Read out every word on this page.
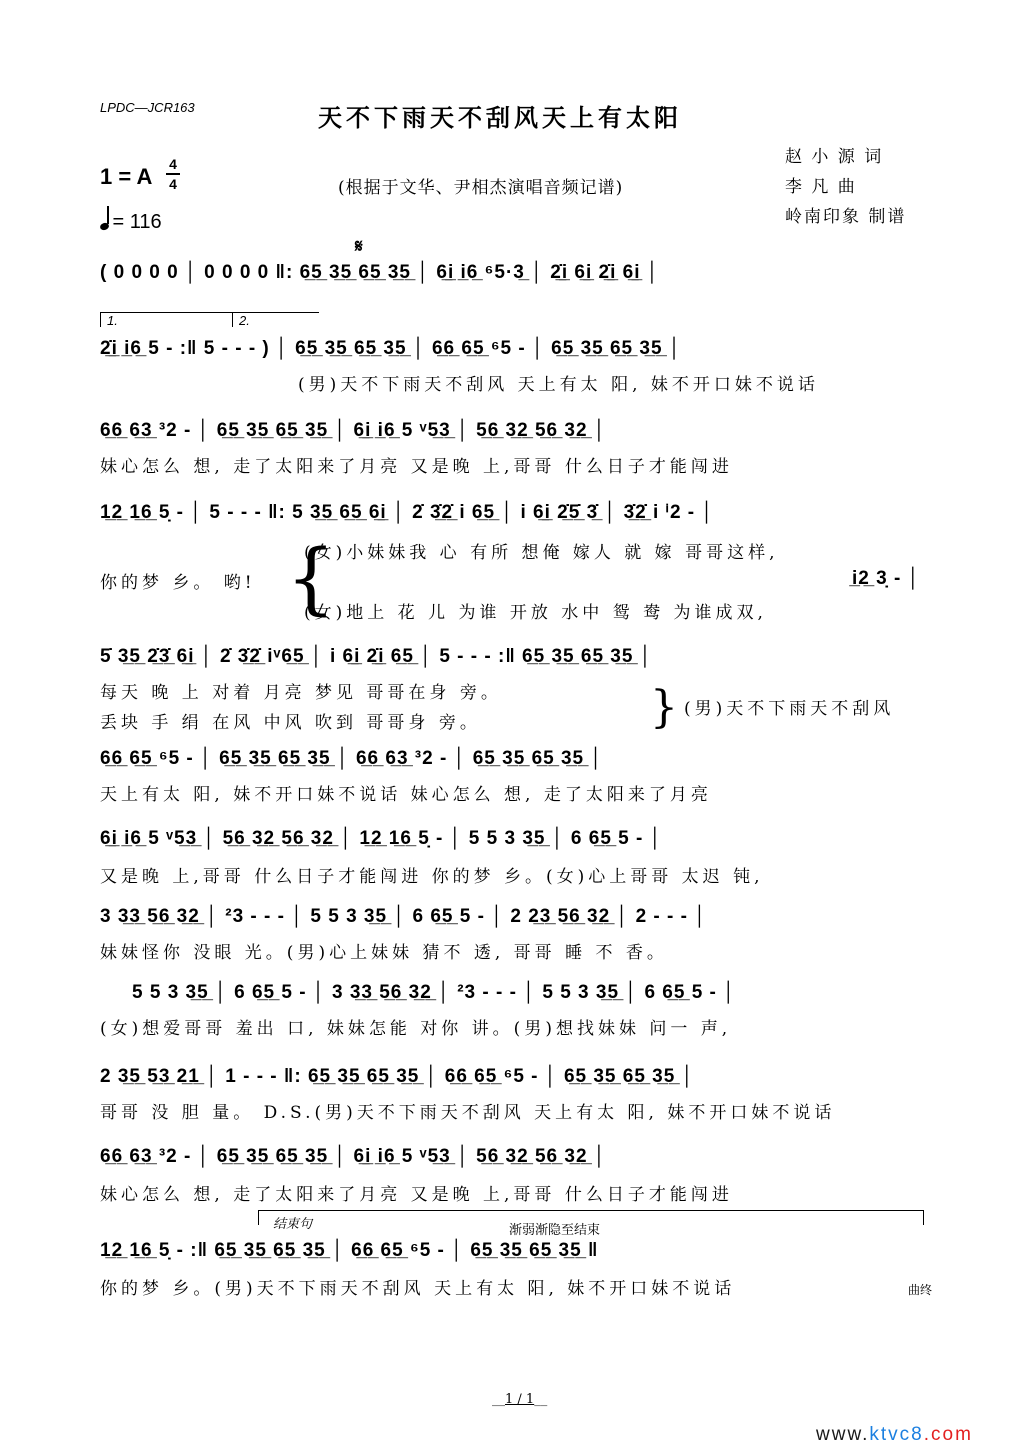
LPDC—JCR163	天不下雨天不刮风天上有太阳
赵 小 源 词
李 凡 曲
岭南印象 制谱
1 = A 4
4	(根据于文华、尹相杰演唱音频记谱)
= 116
𝄋
1.	2.
结束句	渐弱渐隐至结束
( 0 0 0 0 │ 0 0 0 0 ‖: 6̲5̲ 3̲5̲ 6̲5̲ 3̲5̲ │ 6̲i̲ i̲6̲ ⁶5·3̲ │ 2̲̇i̲ 6̲i̲ 2̲̇i̲ 6̲i̲ │
2̲̇i̲ i̲6̲ 5 - :‖ 5 - - - ) │ 6̲5̲ 3̲5̲ 6̲5̲ 3̲5̲ │ 6̲6̲ 6̲5̲ ⁶5 - │ 6̲5̲ 3̲5̲ 6̲5̲ 3̲5̲ │
(男)天不下雨天不刮风 天上有太 阳, 妹不开口妹不说话
6̲6̲ 6̲3̲ ³2 - │ 6̲5̲ 3̲5̲ 6̲5̲ 3̲5̲ │ 6̲i̲ i̲6̲ 5 ᵛ5̲3̲ │ 5̲6̲ 3̲2̲ 5̲6̲ 3̲2̲ │
妹心怎么 想, 走了太阳来了月亮 又是晚 上,哥哥 什么日子才能闯进
1̲2̲ 1̲6̲ 5̣ - │ 5 - - - ‖: 5 3̲5̲ 6̲5̲ 6̲i̲ │ 2̇ 3̲̇2̲̇ i 6̲5̲ │ i 6̲i̲ 2̲̇5̲̇ 3̲̇ │ 3̲̇2̲̇ i ⁱ2 - │
你的梦 乡。 哟! {
(女)小妹妹我 心 有所 想俺 嫁人 就 嫁 哥哥这样,
i̲2̲ 3̣ - │
(女)地上 花 儿 为谁 开放 水中 鸳 鸯 为谁成双,
5̇ 3̲5̲ 2̲̇3̲̇ 6̲i̲ │ 2̇ 3̲̇2̲̇ iᵛ6̲5̲ │ i 6̲i̲ 2̲̇i̲ 6̲5̲ │ 5 - - - :‖ 6̲5̲ 3̲5̲ 6̲5̲ 3̲5̲ │
每天 晚 上 对着 月亮 梦见 哥哥在身 旁。
丢块 手 绢 在风 中风 吹到 哥哥身 旁。	} (男)天不下雨天不刮风
6̲6̲ 6̲5̲ ⁶5 - │ 6̲5̲ 3̲5̲ 6̲5̲ 3̲5̲ │ 6̲6̲ 6̲3̲ ³2 - │ 6̲5̲ 3̲5̲ 6̲5̲ 3̲5̲ │
天上有太 阳, 妹不开口妹不说话 妹心怎么 想, 走了太阳来了月亮
6̲i̲ i̲6̲ 5 ᵛ5̲3̲ │ 5̲6̲ 3̲2̲ 5̲6̲ 3̲2̲ │ 1̲2̲ 1̲6̲ 5̣ - │ 5 5 3 3̲5̲ │ 6 6̲5̲ 5 - │
又是晚 上,哥哥 什么日子才能闯进 你的梦 乡。(女)心上哥哥 太迟 钝,
3 3̲3̲ 5̲6̲ 3̲2̲ │ ²3 - - - │ 5 5 3 3̲5̲ │ 6 6̲5̲ 5 - │ 2 2̲3̲ 5̲6̲ 3̲2̲ │ 2 - - - │
妹妹怪你 没眼 光。(男)心上妹妹 猜不 透, 哥哥 睡 不 香。
5 5 3 3̲5̲ │ 6 6̲5̲ 5 - │ 3 3̲3̲ 5̲6̲ 3̲2̲ │ ²3 - - - │ 5 5 3 3̲5̲ │ 6 6̲5̲ 5 - │
(女)想爱哥哥 羞出 口, 妹妹怎能 对你 讲。(男)想找妹妹 问一 声,
2 3̲5̲ 5̲3̲ 2̲1̲ │ 1 - - - ‖: 6̲5̲ 3̲5̲ 6̲5̲ 3̲5̲ │ 6̲6̲ 6̲5̲ ⁶5 - │ 6̲5̲ 3̲5̲ 6̲5̲ 3̲5̲ │
哥哥 没 胆 量。 D.S.(男)天不下雨天不刮风 天上有太 阳, 妹不开口妹不说话
6̲6̲ 6̲3̲ ³2 - │ 6̲5̲ 3̲5̲ 6̲5̲ 3̲5̲ │ 6̲i̲ i̲6̲ 5 ᵛ5̲3̲ │ 5̲6̲ 3̲2̲ 5̲6̲ 3̲2̲ │
妹心怎么 想, 走了太阳来了月亮 又是晚 上,哥哥 什么日子才能闯进
1̲2̲ 1̲6̲ 5̣ - :‖ 6̲5̲ 3̲5̲ 6̲5̲ 3̲5̲ │ 6̲6̲ 6̲5̲ ⁶5 - │ 6̲5̲ 3̲5̲ 6̲5̲ 3̲5̲ ‖
你的梦 乡。(男)天不下雨天不刮风 天上有太 阳, 妹不开口妹不说话	曲终
__1 / 1__
www.ktvc8.com
